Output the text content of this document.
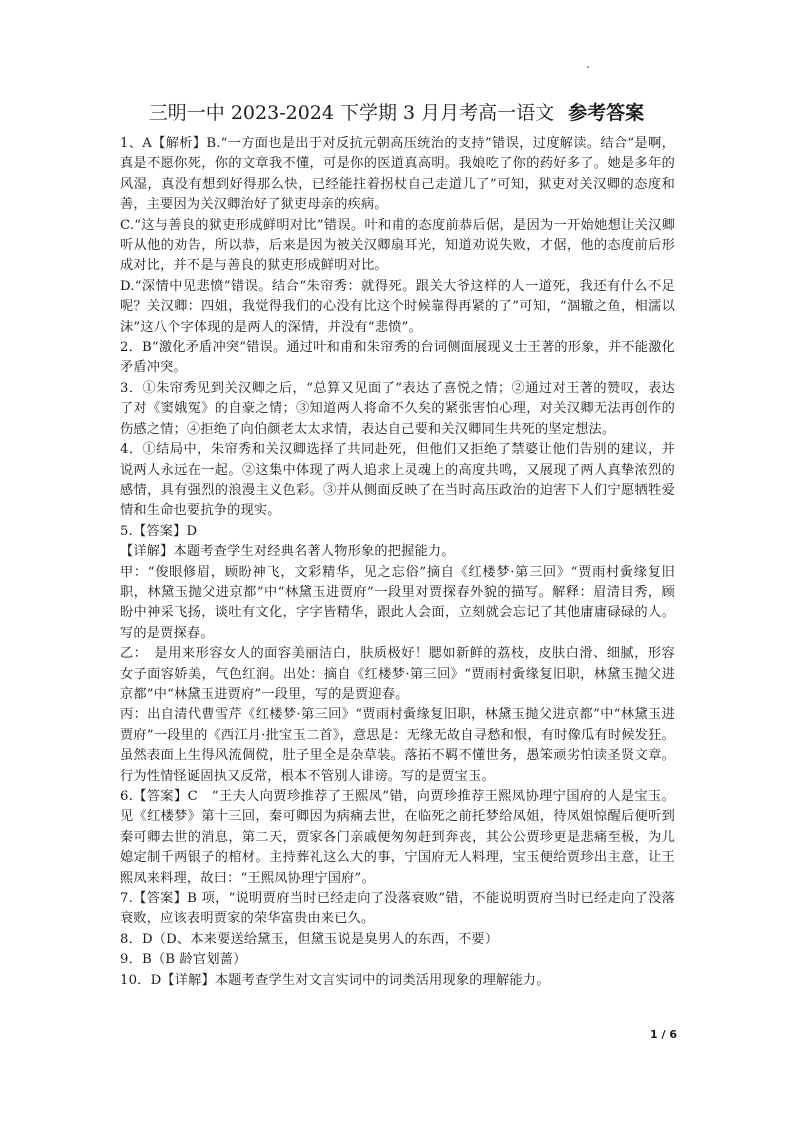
三明一中 2023-2024 下学期 3 月月考高一语文 参考答案

1、A【解析】B.“一方面也是出于对反抗元朝高压统治的支持”错误，过度解读。结合“是啊，真是不愿你死，你的文章我不懂，可是你的医道真高明。我娘吃了你的药好多了。她是多年的风湿，真没有想到好得那么快，已经能拄着拐杖自己走道儿了”可知，狱吏对关汉卿的态度和善，主要因为关汉卿治好了狱吏母亲的疾病。

C.“这与善良的狱吏形成鲜明对比”错误。叶和甫的态度前恭后倨，是因为一开始她想让关汉卿听从他的劝告，所以恭，后来是因为被关汉卿扇耳光，知道劝说失败，才倨，他的态度前后形成对比，并不是与善良的狱吏形成鲜明对比。

D.“深情中见悲愤”错误。结合“朱帘秀：就得死。跟关大爷这样的人一道死，我还有什么不足呢？关汉卿：四姐，我觉得我们的心没有比这个时候靠得再紧的了”可知，“涸辙之鱼，相濡以沫”这八个字体现的是两人的深情，并没有“悲愤”。

2．B“激化矛盾冲突”错误。通过叶和甫和朱帘秀的台词侧面展现义士王著的形象，并不能激化矛盾冲突。

3．①朱帘秀见到关汉卿之后，“总算又见面了”表达了喜悦之情；②通过对王著的赞叹，表达了对《窦娥冤》的自豪之情；③知道两人将命不久矣的紧张害怕心理，对关汉卿无法再创作的伤感之情；④拒绝了向伯颜老太太求情，表达自己要和关汉卿同生共死的坚定想法。

4．①结局中，朱帘秀和关汉卿选择了共同赴死，但他们又拒绝了禁婆让他们告别的建议，并说两人永远在一起。②这集中体现了两人追求上灵魂上的高度共鸣，又展现了两人真挚浓烈的感情，具有强烈的浪漫主义色彩。③并从侧面反映了在当时高压政治的迫害下人们宁愿牺牲爱情和生命也要抗争的现实。

5.【答案】D

【详解】本题考查学生对经典名著人物形象的把握能力。

甲：“俊眼修眉，顾盼神飞，文彩精华，见之忘俗”摘自《红楼梦·第三回》“贾雨村夤缘复旧职，林黛玉抛父进京都”中“林黛玉进贾府”一段里对贾探春外貌的描写。解释：眉清目秀，顾盼中神采飞扬，谈吐有文化，字字皆精华，跟此人会面，立刻就会忘记了其他庸庸碌碌的人。写的是贾探春。

乙：　是用来形容女人的面容美丽洁白，肤质极好！腮如新鲜的荔枝，皮肤白滑、细腻，形容女子面容娇美，气色红润。出处：摘自《红楼梦·第三回》“贾雨村夤缘复旧职，林黛玉抛父进京都”中“林黛玉进贾府”一段里，写的是贾迎春。

丙：出自清代曹雪芹《红楼梦·第三回》“贾雨村夤缘复旧职，林黛玉抛父进京都”中“林黛玉进贾府”一段里的《西江月·批宝玉二首》，意思是：无缘无故自寻愁和恨，有时像瓜有时候发狂。虽然表面上生得风流倜傥，肚子里全是杂草装。落拓不羁不懂世务，愚笨顽劣怕读圣贤文章。行为性情怪诞固执又反常，根本不管别人诽谤。写的是贾宝玉。

6.【答案】C　“王夫人向贾珍推荐了王熙凤”错，向贾珍推荐王熙凤协理宁国府的人是宝玉。见《红楼梦》第十三回，秦可卿因为病痛去世，在临死之前托梦给凤姐，待凤姐惊醒后便听到秦可卿去世的消息，第二天，贾家各门亲戚便匆匆赶到奔丧，其公公贾珍更是悲痛至极，为儿媳定制千两银子的棺材。主持葬礼这么大的事，宁国府无人料理，宝玉便给贾珍出主意，让王熙凤来料理，故曰：“王熙凤协理宁国府”。

7.【答案】B 项，“说明贾府当时已经走向了没落衰败”错，不能说明贾府当时已经走向了没落衰败，应该表明贾家的荣华富贵由来已久。

8．D（D、本来要送给黛玉，但黛玉说是臭男人的东西，不要）

9．B（B 龄官划蔷）

10．D【详解】本题考查学生对文言实词中的词类活用现象的理解能力。

1 / 6
